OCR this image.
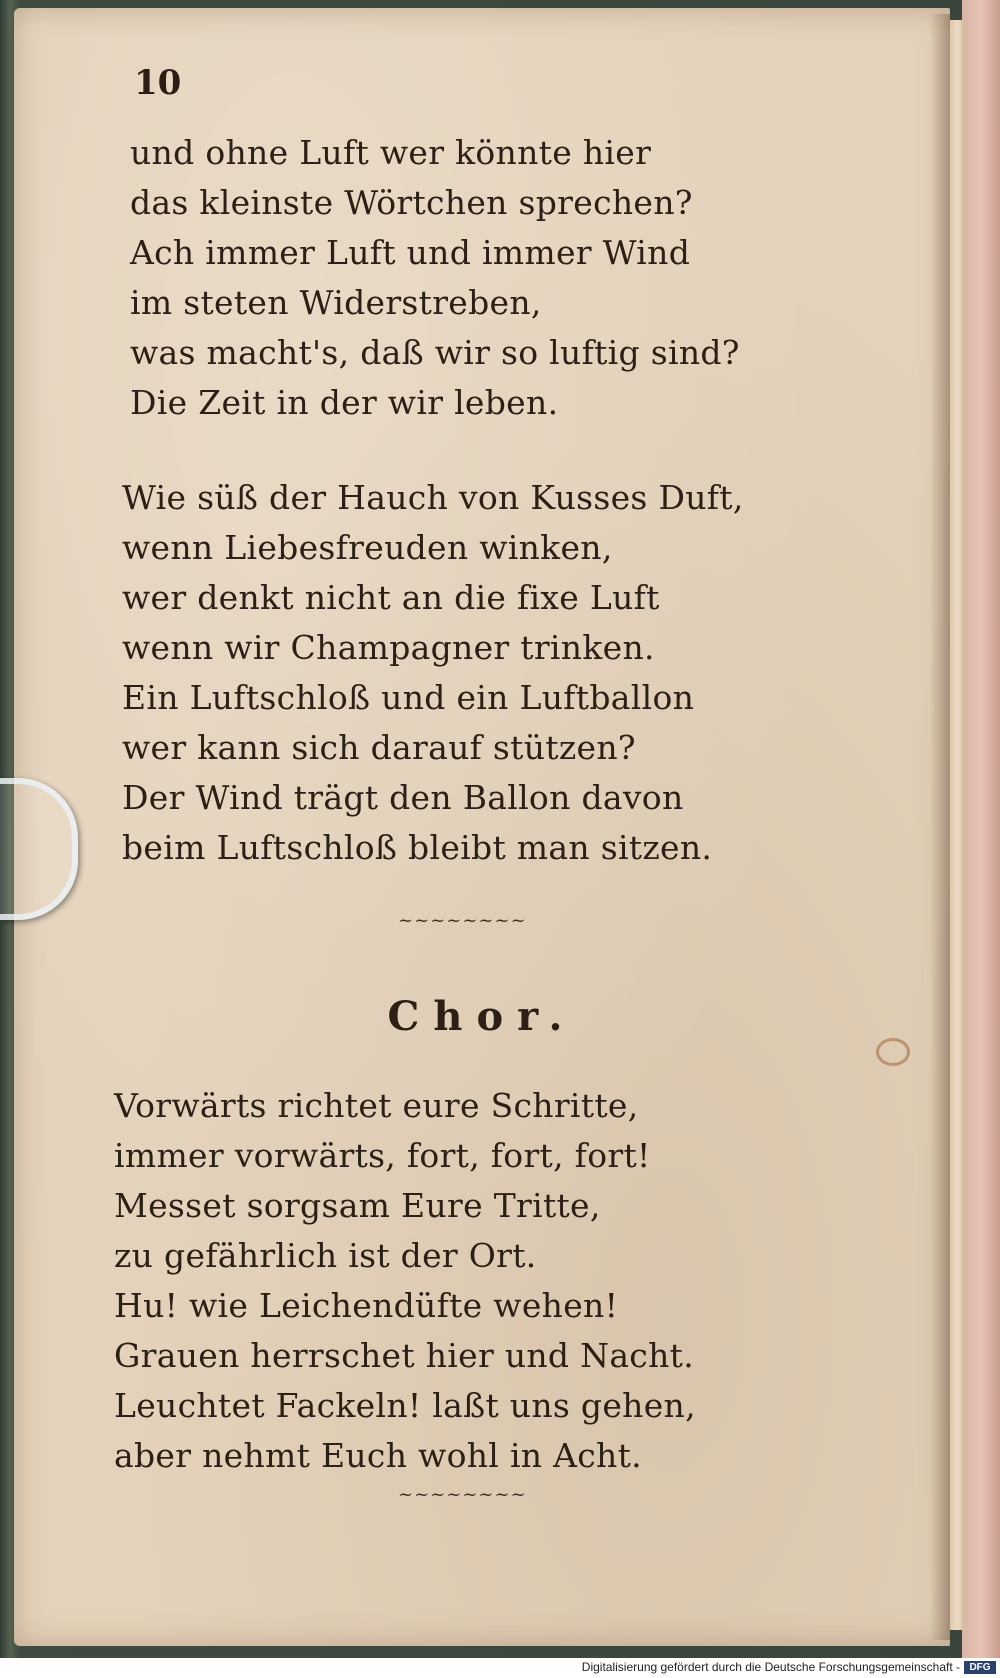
10
und ohne Luft wer könnte hier
das kleinste Wörtchen sprechen?
Ach immer Luft und immer Wind
im steten Widerstreben,
was macht's, daß wir so luftig sind?
Die Zeit in der wir leben.
Wie süß der Hauch von Kusses Duft,
wenn Liebesfreuden winken,
wer denkt nicht an die fixe Luft
wenn wir Champagner trinken.
Ein Luftschloß und ein Luftballon
wer kann sich darauf stützen?
Der Wind trägt den Ballon davon
beim Luftschloß bleibt man sitzen.
~~~~~~~~
Chor.
Vorwärts richtet eure Schritte,
immer vorwärts, fort, fort, fort!
Messet sorgsam Eure Tritte,
zu gefährlich ist der Ort.
Hu! wie Leichendüfte wehen!
Grauen herrschet hier und Nacht.
Leuchtet Fackeln! laßt uns gehen,
aber nehmt Euch wohl in Acht.
~~~~~~~~
Digitalisierung gefördert durch die Deutsche Forschungsgemeinschaft - DFG
